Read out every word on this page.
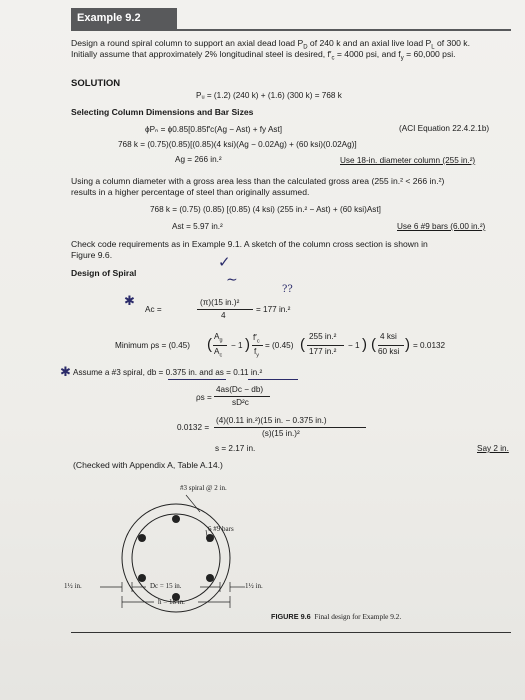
Example 9.2
Design a round spiral column to support an axial dead load $P_D$ of 240 k and an axial live load $P_L$ of 300 k.
Initially assume that approximately 2% longitudinal steel is desired, $f'_c = 4000$ psi, and $f_y = 60,000$ psi.
SOLUTION
Pᵤ = (1.2) (240 k) + (1.6) (300 k) = 768 k
Selecting Column Dimensions and Bar Sizes
ϕPₙ = ϕ0.85[0.85f′c(Ag − Ast) + fy Ast]	(ACI Equation 22.4.2.1b)
768 k = (0.75)(0.85)[(0.85)(4 ksi)(Ag − 0.02Ag) + (60 ksi)(0.02Ag)]
Ag = 266 in.²	Use 18-in. diameter column (255 in.²)
Using a column diameter with a gross area less than the calculated gross area (255 in.² < 266 in.²)
results in a higher percentage of steel than originally assumed.
768 k = (0.75) (0.85) [(0.85) (4 ksi) (255 in.² − Ast) + (60 ksi)Ast]
Ast = 5.97 in.²	Use 6 #9 bars (6.00 in.²)
Check code requirements as in Example 9.1. A sketch of the column cross section is shown in
Figure 9.6.	✓
Design of Spiral
✱
∼
??
Ac =
(π)(15 in.)²
4
= 177 in.²
Minimum ρs = (0.45) ( $A_g$
$A_c$
− 1 ) $f'_c$
$f_y$
= (0.45) ( 255 in.²
177 in.²
− 1 ) ( 4 ksi
60 ksi ) = 0.0132
✱ Assume a #3 spiral, db = 0.375 in. and as = 0.11 in.²
ρs =
4as(Dc − db)
sD²c
0.0132 =
(4)(0.11 in.²)(15 in. − 0.375 in.)
(s)(15 in.)²
s = 2.17 in.	Say 2 in.
(Checked with Appendix A, Table A.14.)
#3 spiral @ 2 in.
6 #9 bars
1½ in.	Dc = 15 in.	1½ in.
h = 18 in.
FIGURE 9.6 Final design for Example 9.2.
